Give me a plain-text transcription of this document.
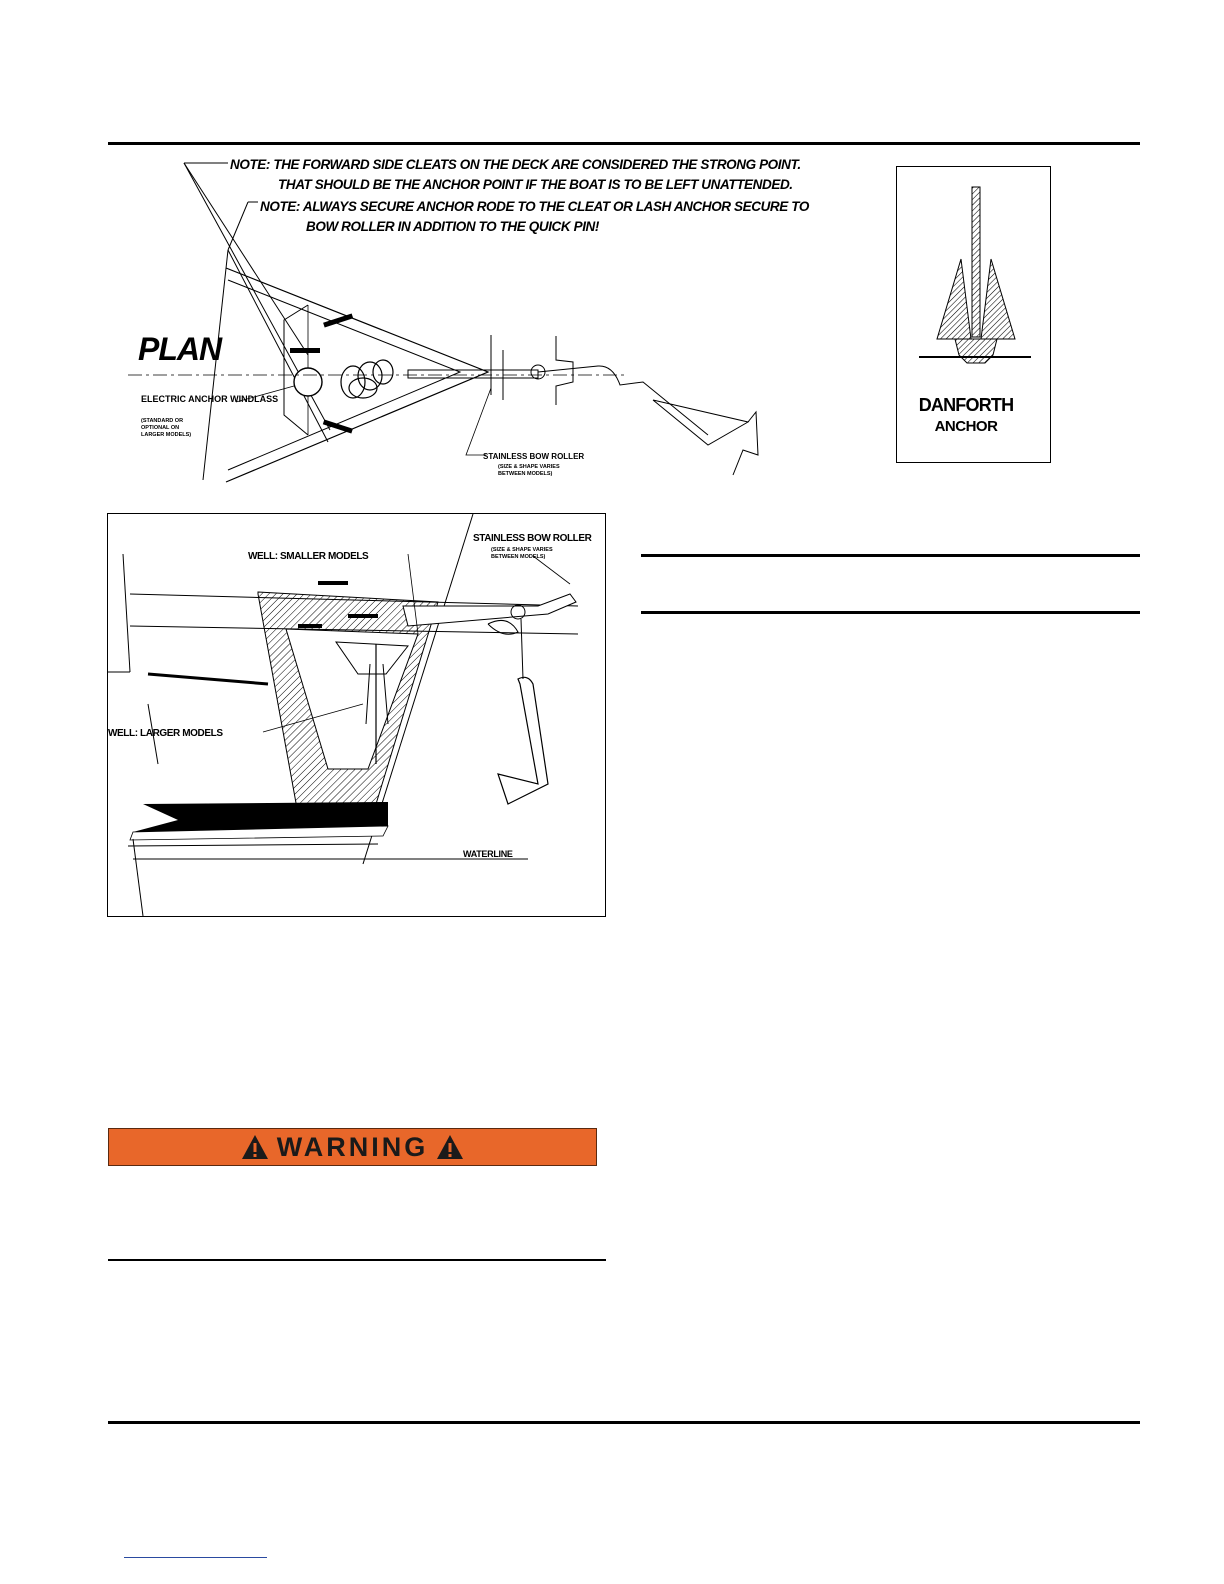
PLAN
ELECTRIC ANCHOR WINDLASS
(STANDARD OR
OPTIONAL ON
LARGER MODELS)
STAINLESS BOW ROLLER
(SIZE & SHAPE VARIES
BETWEEN MODELS)
NOTE: THE FORWARD SIDE CLEATS ON THE DECK ARE CONSIDERED THE STRONG POINT.
THAT SHOULD BE THE ANCHOR POINT IF THE BOAT IS TO BE LEFT UNATTENDED.
NOTE: ALWAYS SECURE ANCHOR RODE TO THE CLEAT OR LASH ANCHOR SECURE TO
BOW ROLLER IN ADDITION TO THE QUICK PIN!
DANFORTH
ANCHOR
STAINLESS BOW ROLLER
(SIZE & SHAPE VARIES
BETWEEN MODELS)
WELL: SMALLER MODELS
WELL: LARGER MODELS
WATERLINE
WARNING
